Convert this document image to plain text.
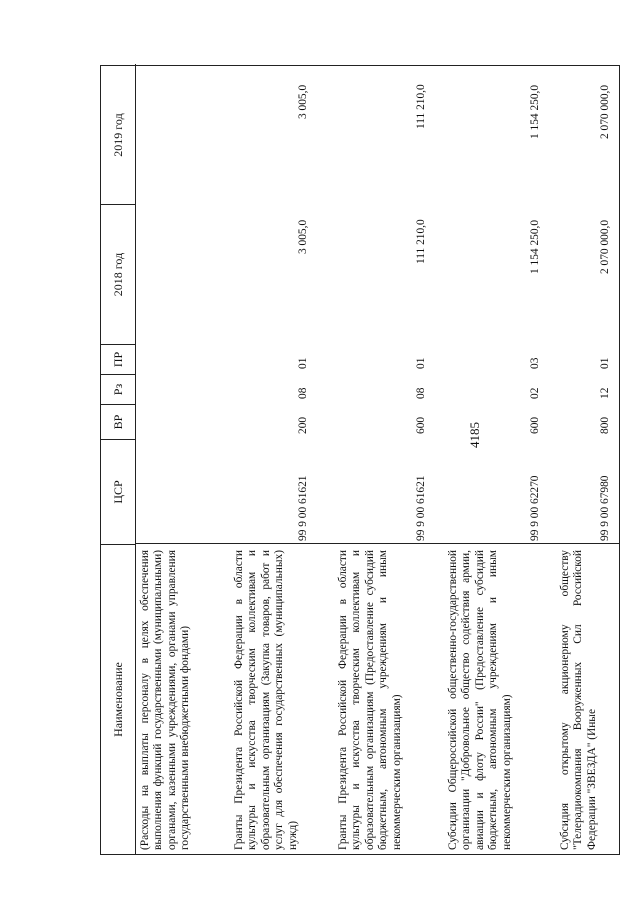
4185
Наименование
ЦСР
ВР
Рз
ПР
2018 год
2019 год
(Расходы на выплаты персоналу в целях обеспечения выполнения функций государственными (муниципальными) органами, казенными учреждениями, органами управления государственными внебюджетными фондами)	Гранты Президента Российской Федерации в области культуры и искусства творческим коллективам и образовательным организациям (Закупка товаров, работ и услуг для обеспечения государственных (муниципальных) нужд)
99 9 00 61621
200
08
01
3 005,0
3 005,0
Гранты Президента Российской Федерации в области культуры и искусства творческим коллективам и образовательным организациям (Предоставление субсидий бюджетным, автономным учреждениям и иным некоммерческим организациям)
99 9 00 61621
600
08
01
111 210,0
111 210,0
Субсидии Общероссийской общественно-государственной организации "Добровольное общество содействия армии, авиации и флоту России" (Предоставление субсидий бюджетным, автономным учреждениям и иным некоммерческим организациям)
99 9 00 62270
600
02
03
1 154 250,0
1 154 250,0
Субсидия открытому акционерному обществу "Телерадиокомпания Вооруженных Сил Российской Федерации "ЗВЕЗДА" (Иные
99 9 00 67980
800
12
01
2 070 000,0
2 070 000,0
